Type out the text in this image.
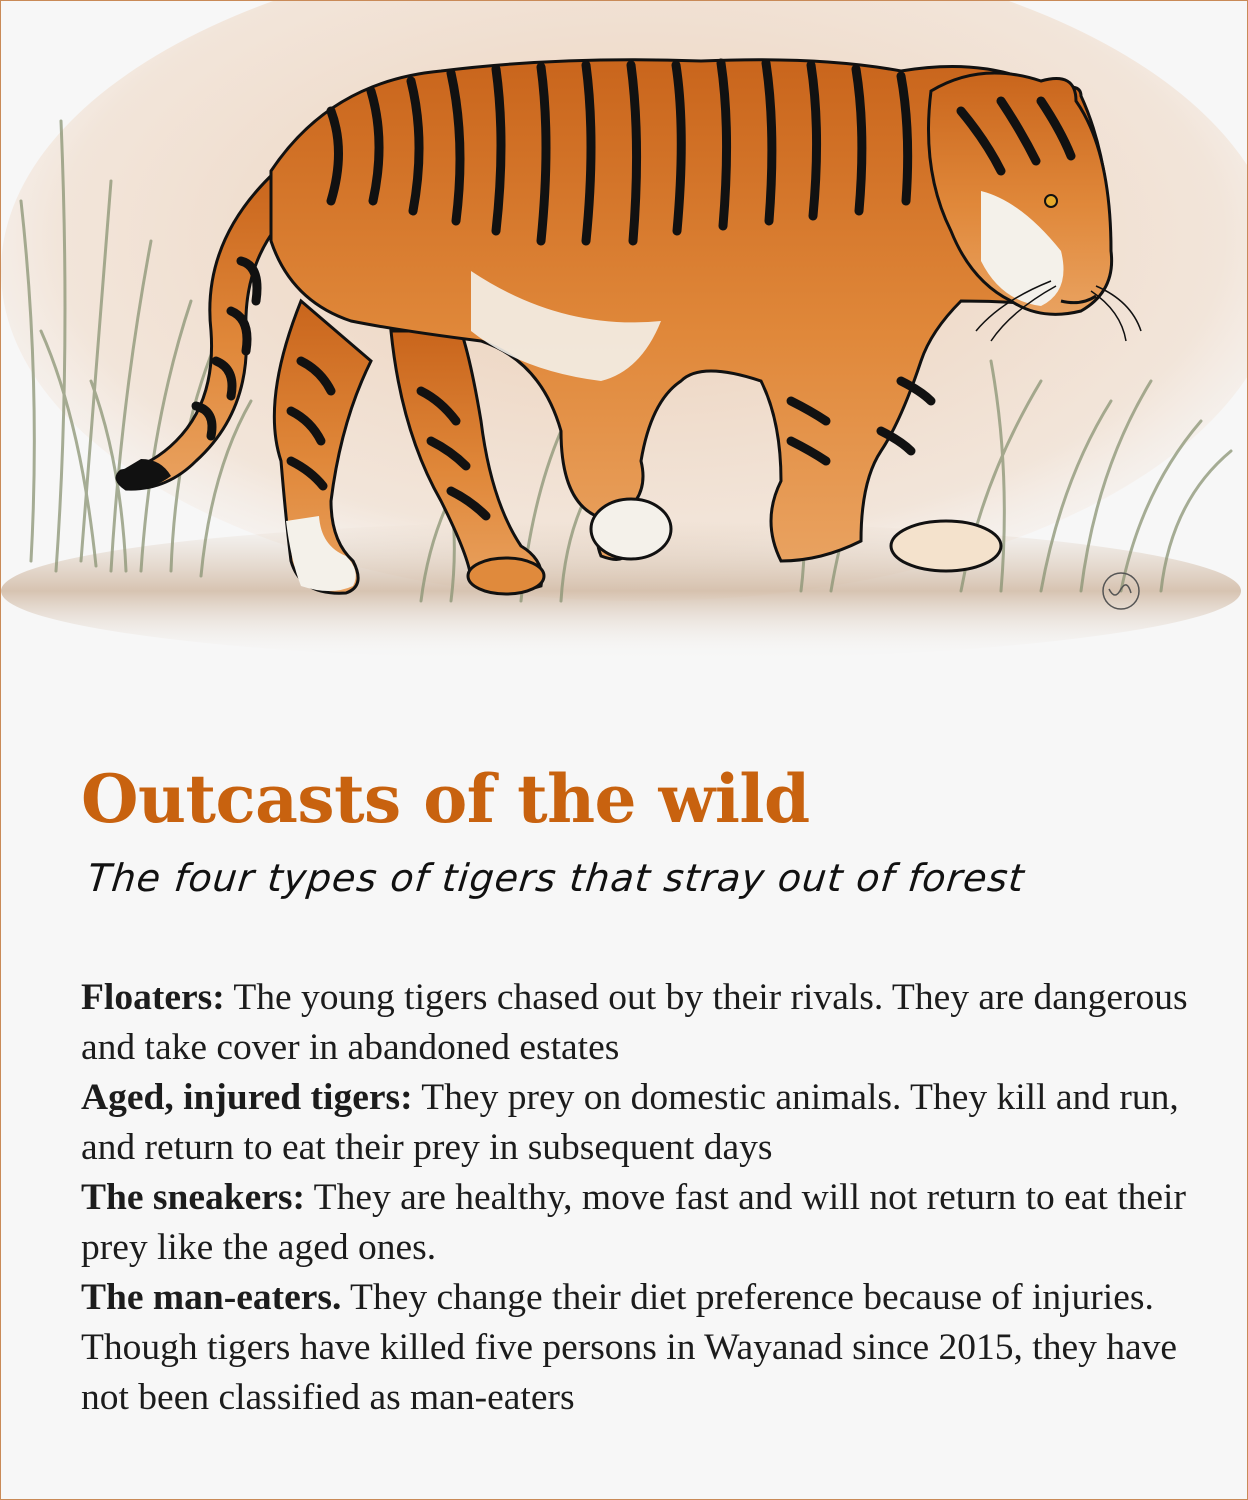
Outcasts of the wild

The four types of tigers that stray out of forest

Floaters: The young tigers chased out by their rivals. They are dangerous and take cover in abandoned estates

Aged, injured tigers: They prey on domestic animals. They kill and run, and return to eat their prey in subsequent days

The sneakers: They are healthy, move fast and will not return to eat their prey like the aged ones.

The man-eaters. They change their diet preference because of injuries. Though tigers have killed five persons in Wayanad since 2015, they have not been classified as man-eaters
